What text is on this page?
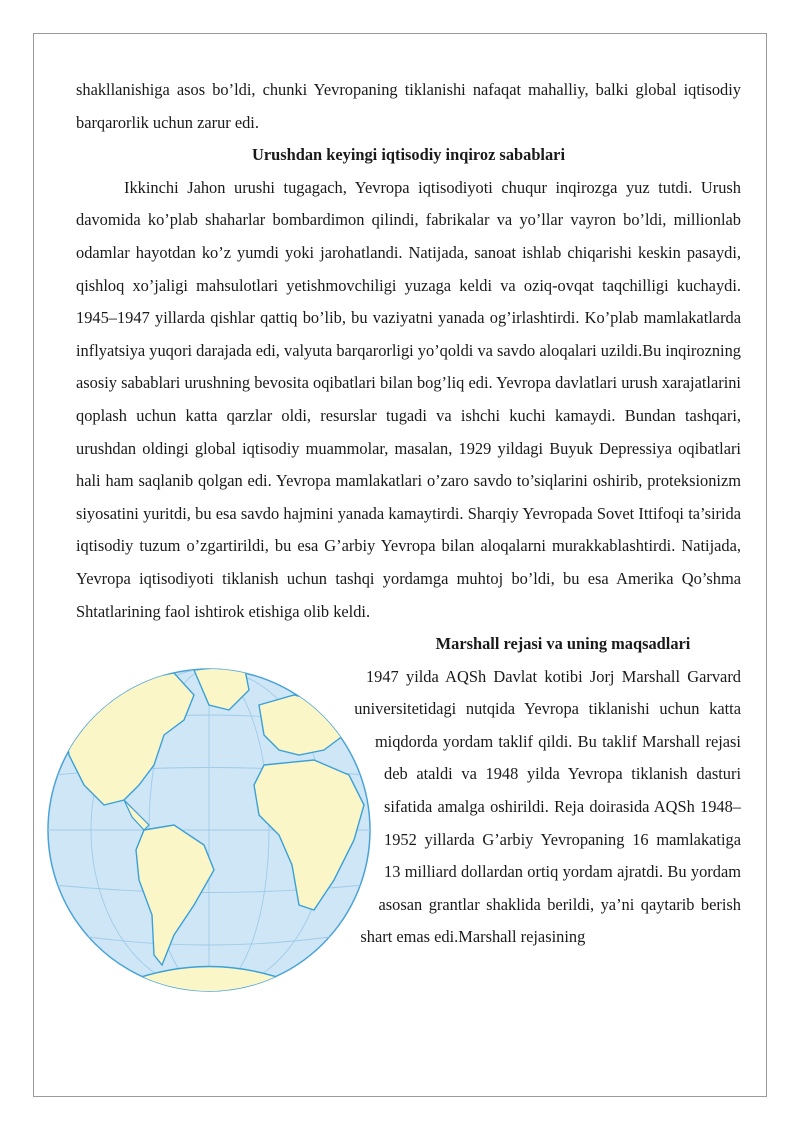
shakllanishiga asos bo’ldi, chunki Yevropaning tiklanishi nafaqat mahalliy, balki global iqtisodiy barqarorlik uchun zarur edi.

Urushdan keyingi iqtisodiy inqiroz sabablari

Ikkinchi Jahon urushi tugagach, Yevropa iqtisodiyoti chuqur inqirozga yuz tutdi. Urush davomida ko’plab shaharlar bombardimon qilindi, fabrikalar va yo’llar vayron bo’ldi, millionlab odamlar hayotdan ko’z yumdi yoki jarohatlandi. Natijada, sanoat ishlab chiqarishi keskin pasaydi, qishloq xo’jaligi mahsulotlari yetishmovchiligi yuzaga keldi va oziq-ovqat taqchilligi kuchaydi. 1945–1947 yillarda qishlar qattiq bo’lib, bu vaziyatni yanada og’irlashtirdi. Ko’plab mamlakatlarda inflyatsiya yuqori darajada edi, valyuta barqarorligi yo’qoldi va savdo aloqalari uzildi.Bu inqirozning asosiy sabablari urushning bevosita oqibatlari bilan bog’liq edi. Yevropa davlatlari urush xarajatlarini qoplash uchun katta qarzlar oldi, resurslar tugadi va ishchi kuchi kamaydi. Bundan tashqari, urushdan oldingi global iqtisodiy muammolar, masalan, 1929 yildagi Buyuk Depressiya oqibatlari hali ham saqlanib qolgan edi. Yevropa mamlakatlari o’zaro savdo to’siqlarini oshirib, proteksionizm siyosatini yuritdi, bu esa savdo hajmini yanada kamaytirdi. Sharqiy Yevropada Sovet Ittifoqi ta’sirida iqtisodiy tuzum o’zgartirildi, bu esa G’arbiy Yevropa bilan aloqalarni murakkablashtirdi. Natijada, Yevropa iqtisodiyoti tiklanish uchun tashqi yordamga muhtoj bo’ldi, bu esa Amerika Qo’shma Shtatlarining faol ishtirok etishiga olib keldi.

Marshall rejasi va uning maqsadlari

1947 yilda AQSh Davlat kotibi Jorj Marshall Garvard universitetidagi nutqida Yevropa tiklanishi uchun katta miqdorda yordam taklif qildi. Bu taklif Marshall rejasi deb ataldi va 1948 yilda Yevropa tiklanish dasturi sifatida amalga oshirildi. Reja doirasida AQSh 1948–1952 yillarda G’arbiy Yevropaning 16 mamlakatiga 13 milliard dollardan ortiq yordam ajratdi. Bu yordam asosan grantlar shaklida berildi, ya’ni qaytarib berish shart emas edi.Marshall rejasining
